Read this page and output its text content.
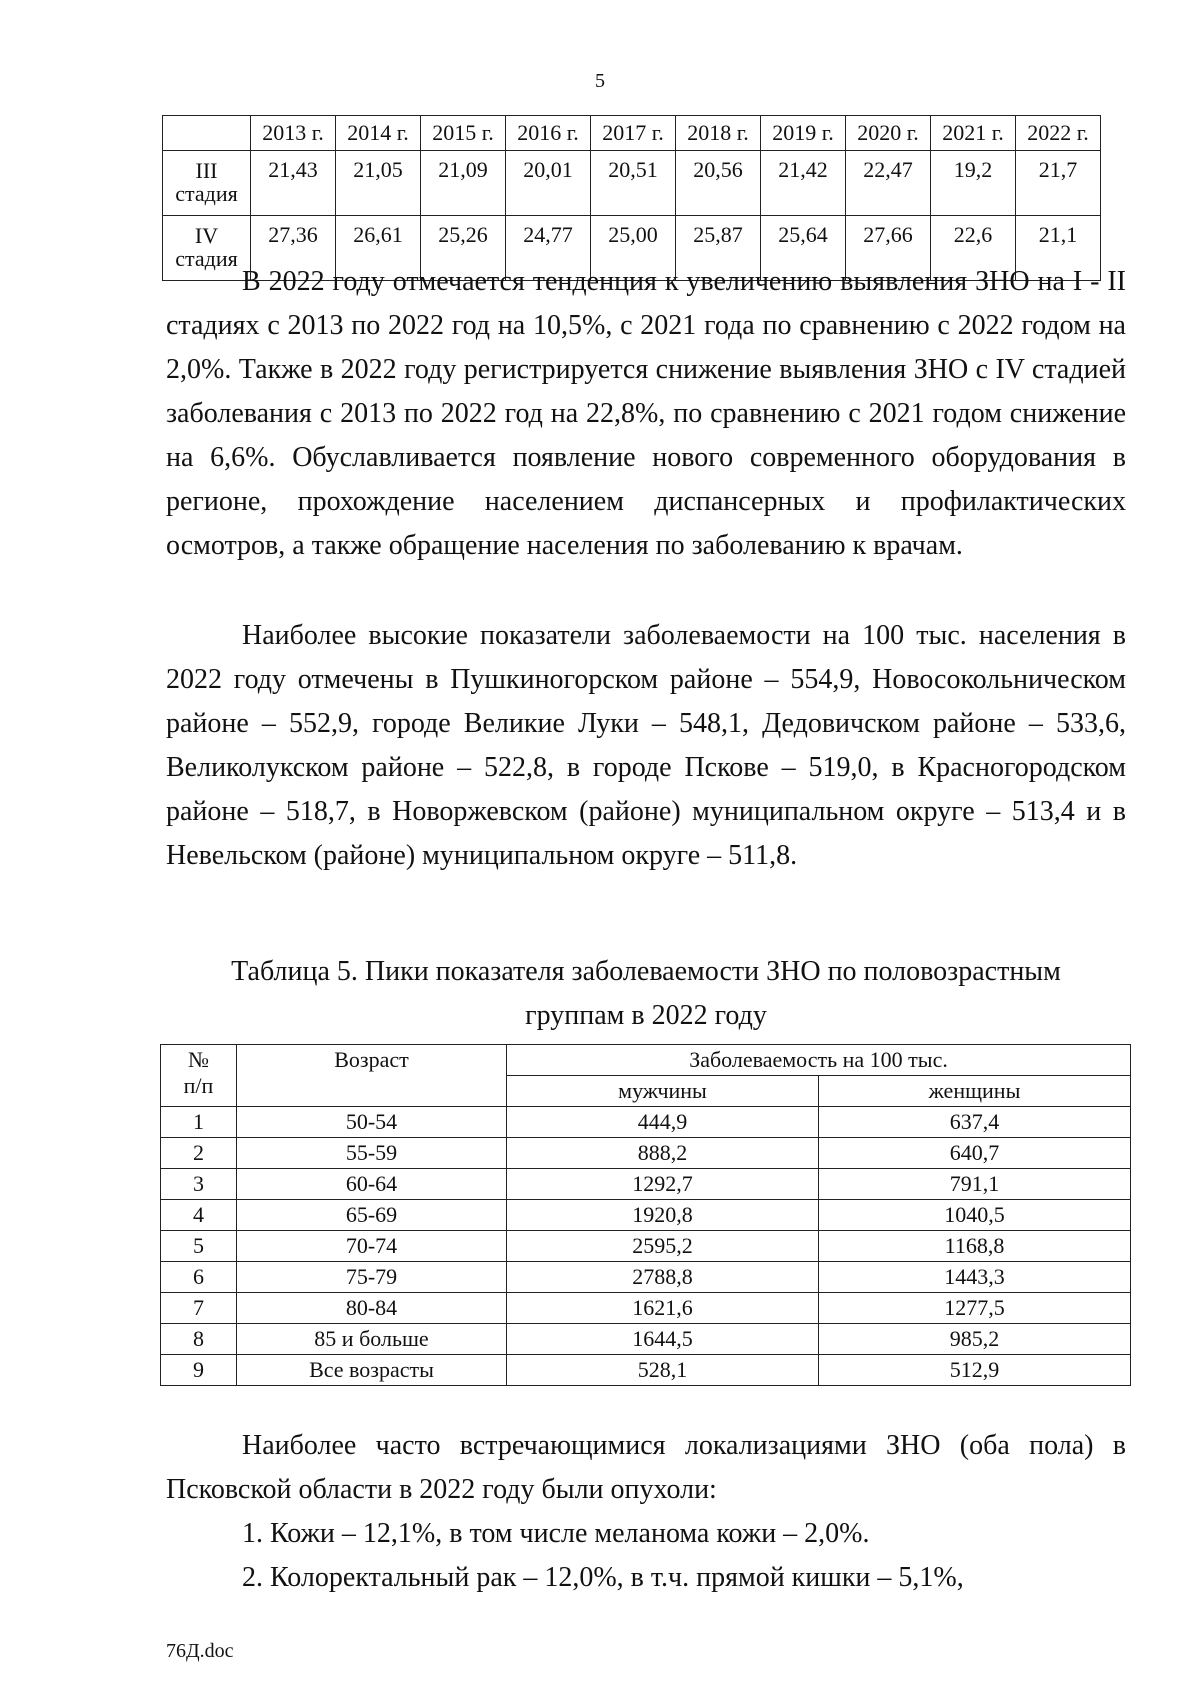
5
	2013 г.	2014 г.	2015 г.	2016 г.	2017 г.	2018 г.	2019 г.	2020 г.	2021 г.	2022 г.
III
стадия	21,43	21,05	21,09	20,01	20,51	20,56	21,42	22,47	19,2	21,7
IV
стадия	27,36	26,61	25,26	24,77	25,00	25,87	25,64	27,66	22,6	21,1

В 2022 году отмечается тенденция к увеличению выявления ЗНО на I - II стадиях с 2013 по 2022 год на 10,5%, с 2021 года по сравнению с 2022 годом на 2,0%. Также в 2022 году регистрируется снижение выявления ЗНО с IV стадией заболевания с 2013 по 2022 год на 22,8%, по сравнению с 2021 годом снижение на 6,6%. Обуславливается появление нового современного оборудования в регионе, прохождение населением диспансерных и профилактических осмотров, а также обращение населения по заболеванию к врачам.

Наиболее высокие показатели заболеваемости на 100 тыс. населения в 2022 году отмечены в Пушкиногорском районе – 554,9, Новосокольническом районе – 552,9, городе Великие Луки – 548,1, Дедовичском районе – 533,6, Великолукском районе – 522,8, в городе Пскове – 519,0, в Красногородском районе – 518,7, в Новоржевском (районе) муниципальном округе – 513,4 и в Невельском (районе) муниципальном округе – 511,8.

Таблица 5. Пики показателя заболеваемости ЗНО по половозрастным
группам в 2022 году

№
п/п	Возраст	Заболеваемость на 100 тыс.	
		мужчины	женщины
1	50-54	444,9	637,4
2	55-59	888,2	640,7
3	60-64	1292,7	791,1
4	65-69	1920,8	1040,5
5	70-74	2595,2	1168,8
6	75-79	2788,8	1443,3
7	80-84	1621,6	1277,5
8	85 и больше	1644,5	985,2
9	Все возрасты	528,1	512,9

Наиболее часто встречающимися локализациями ЗНО (оба пола) в Псковской области в 2022 году были опухоли:

1. Кожи – 12,1%, в том числе меланома кожи – 2,0%.

2. Колоректальный рак – 12,0%, в т.ч. прямой кишки – 5,1%,

76Д.doc
